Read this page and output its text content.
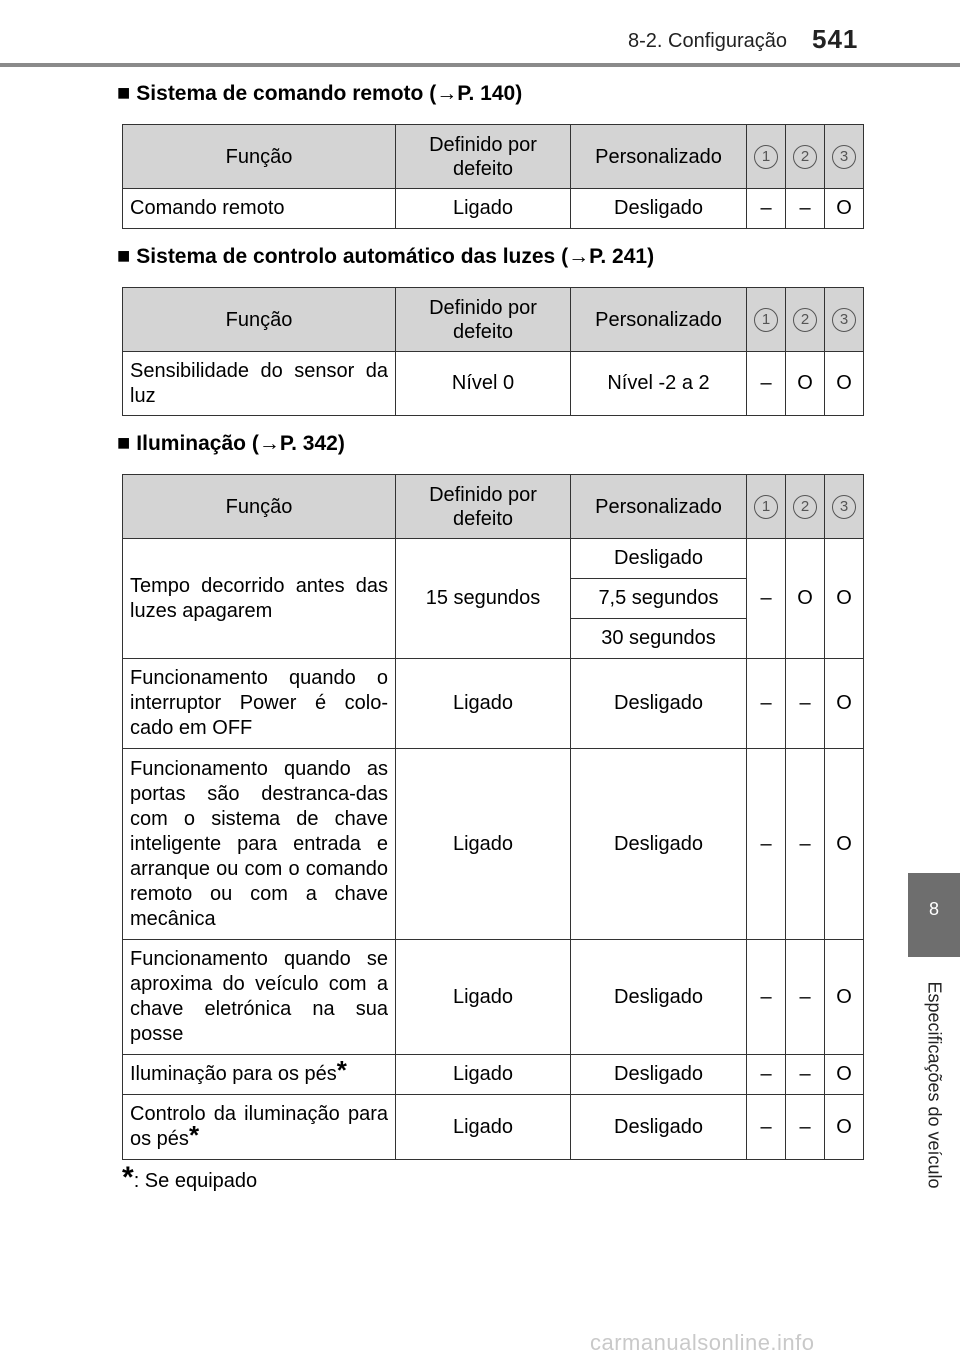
8-2. Configuração 541
8
Especificações do veículo
■ Sistema de comando remoto (→P. 140)
Função	Definido por defeito	Personalizado	1	2	3
Comando remoto	Ligado	Desligado	–	–	O
■ Sistema de controlo automático das luzes (→P. 241)
Função	Definido por defeito	Personalizado	1	2	3
Sensibilidade do sensor da luz	Nível 0	Nível -2 a 2	–	O	O
■ Iluminação (→P. 342)
Função	Definido por defeito	Personalizado	1	2	3
Tempo decorrido antes das luzes apagarem	15 segundos	Desligado	–	O	O
		7,5 segundos			
		30 segundos			
Funcionamento quando o interruptor Power é colo-cado em OFF	Ligado	Desligado	–	–	O
Funcionamento quando as portas são destranca-das com o sistema de chave inteligente para entrada e arranque ou com o comando remoto ou com a chave mecânica	Ligado	Desligado	–	–	O
Funcionamento quando se aproxima do veículo com a chave eletrónica na sua posse	Ligado	Desligado	–	–	O
Iluminação para os pés*	Ligado	Desligado	–	–	O
Controlo da iluminação para os pés*	Ligado	Desligado	–	–	O
*: Se equipado
carmanualsonline.info
